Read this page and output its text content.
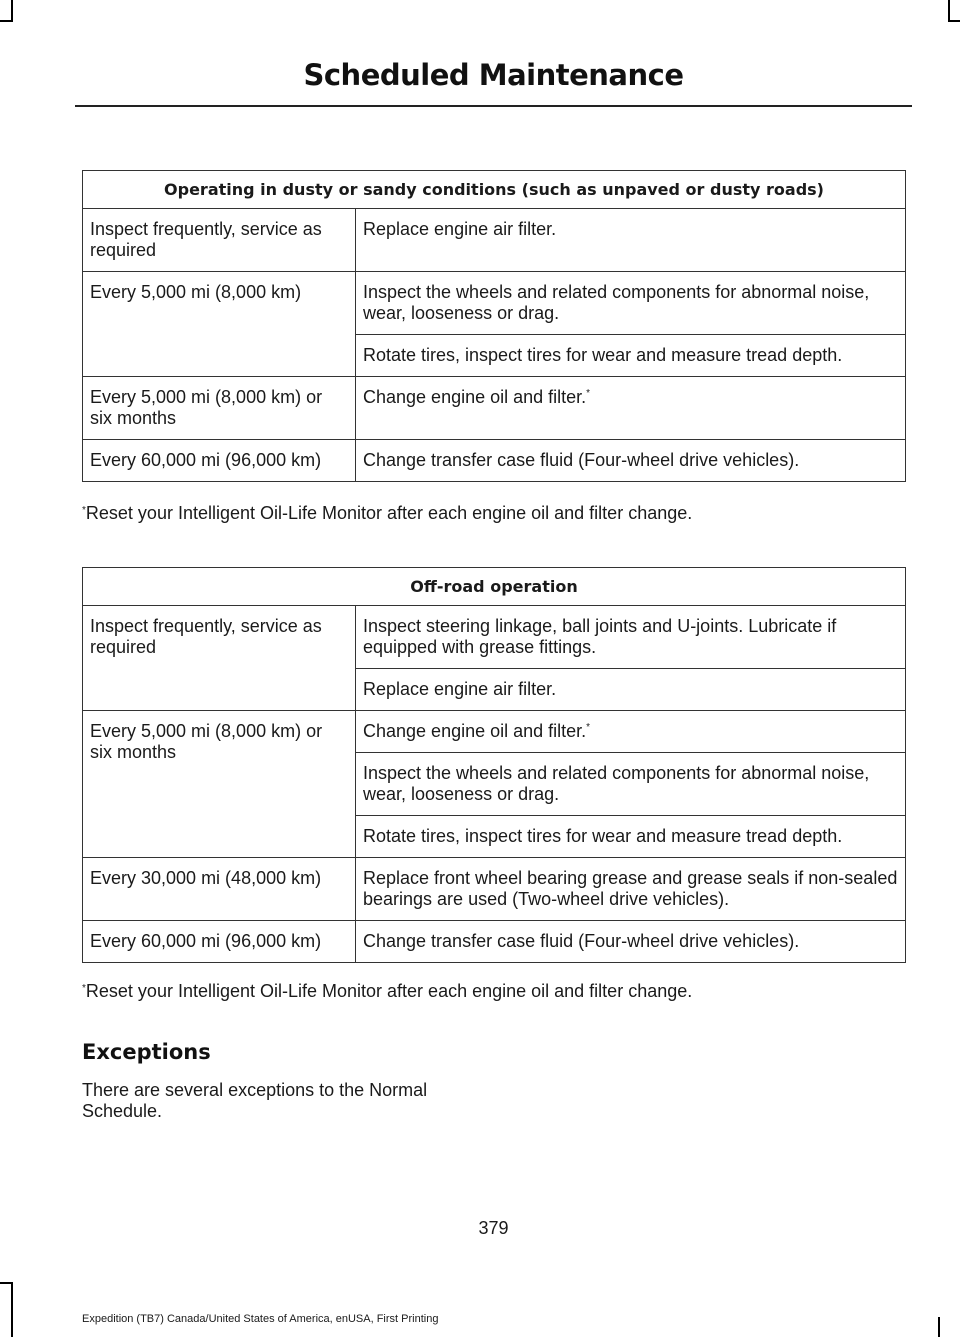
Scheduled Maintenance
Operating in dusty or sandy conditions (such as unpaved or dusty roads)	
Inspect frequently, service as required	Replace engine air filter.
Every 5,000 mi (8,000 km)	Inspect the wheels and related components for abnormal noise, wear, looseness or drag.
	Rotate tires, inspect tires for wear and measure tread depth.
Every 5,000 mi (8,000 km) or six months	Change engine oil and filter.*
Every 60,000 mi (96,000 km)	Change transfer case fluid (Four-wheel drive vehicles).
*Reset your Intelligent Oil-Life Monitor after each engine oil and filter change.
Off-road operation	
Inspect frequently, service as required	Inspect steering linkage, ball joints and U-joints. Lubricate if equipped with grease fittings.
	Replace engine air filter.
Every 5,000 mi (8,000 km) or six months	Change engine oil and filter.*
	Inspect the wheels and related components for abnormal noise, wear, looseness or drag.
	Rotate tires, inspect tires for wear and measure tread depth.
Every 30,000 mi (48,000 km)	Replace front wheel bearing grease and grease seals if non-sealed bearings are used (Two-wheel drive vehicles).
Every 60,000 mi (96,000 km)	Change transfer case fluid (Four-wheel drive vehicles).
*Reset your Intelligent Oil-Life Monitor after each engine oil and filter change.
Exceptions
There are several exceptions to the Normal Schedule.
379
Expedition (TB7) Canada/United States of America, enUSA, First Printing
